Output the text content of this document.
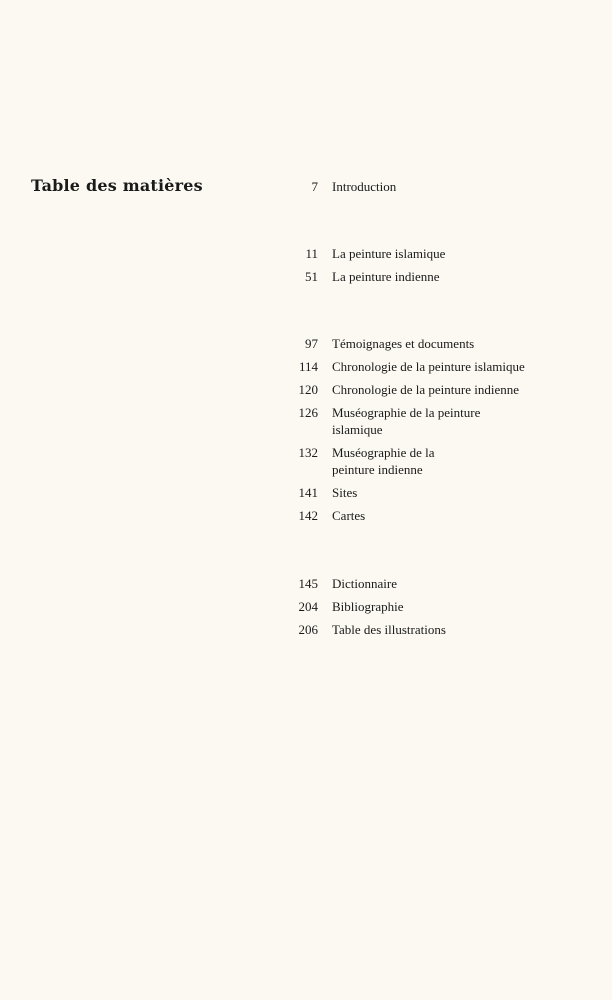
Table des matières	7 Introduction
11 La peinture islamique
51 La peinture indienne
97 Témoignages et documents
114 Chronologie de la peinture islamique
120 Chronologie de la peinture indienne
126 Muséographie de la peinture
islamique
132 Muséographie de la
peinture indienne
141 Sites
142 Cartes
145 Dictionnaire
204 Bibliographie
206 Table des illustrations
